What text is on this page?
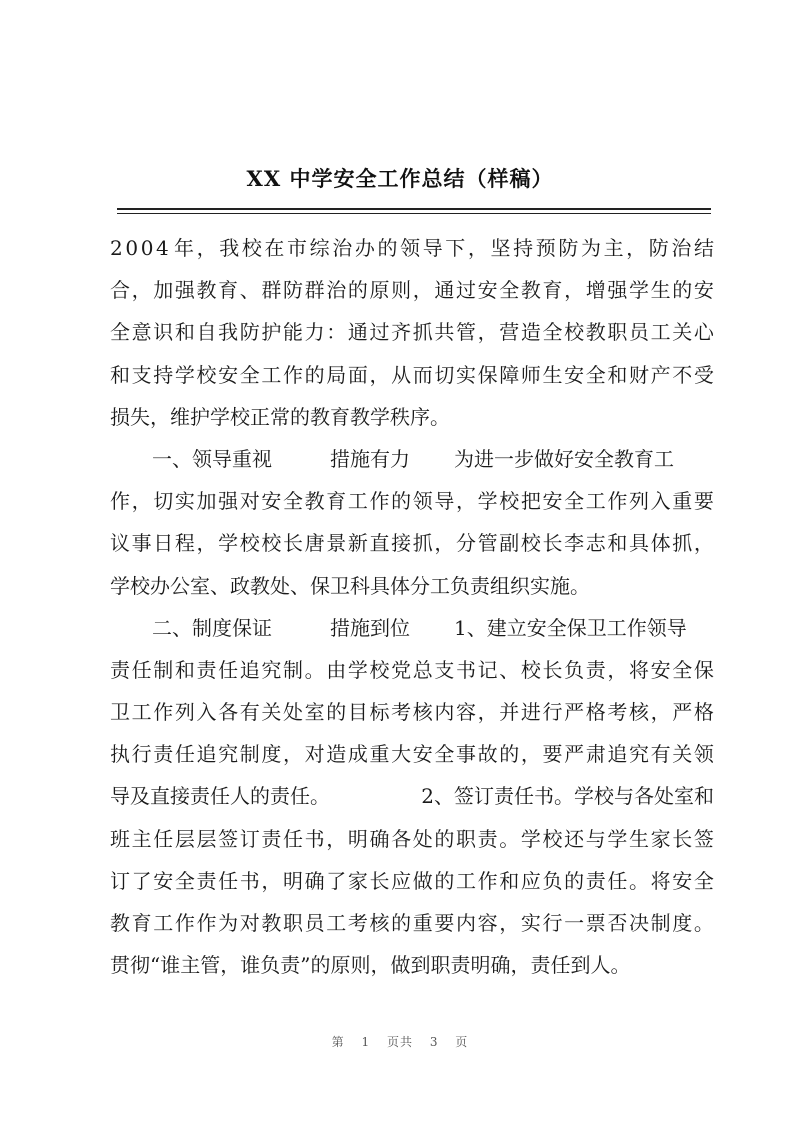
XX 中学安全工作总结（样稿）
2 0 0 4 年 ， 我 校 在 市 综 治 办 的 领 导 下 ， 坚 持 预 防 为 主 ， 防 治 结
合 ， 加 强 教 育 、 群 防 群 治 的 原 则 ， 通 过 安 全 教 育 ， 增 强 学 生 的 安
全 意 识 和 自 我 防 护 能 力 ： 通 过 齐 抓 共 管 ， 营 造 全 校 教 职 员 工 关 心
和 支 持 学 校 安 全 工 作 的 局 面 ， 从 而 切 实 保 障 师 生 安 全 和 财 产 不 受
损失，维护学校正常的教育教学秩序。
一、领导重视	措施有力 为进一步做好安全教育工
作 ， 切 实 加 强 对 安 全 教 育 工 作 的 领 导 ， 学 校 把 安 全 工 作 列 入 重 要
议 事 日 程 ， 学 校 校 长 唐 景 新 直 接 抓 ， 分 管 副 校 长 李 志 和 具 体 抓 ，
学校办公室、政教处、保卫科具体分工负责组织实施。
二、制度保证	措施到位 1、建立安全保卫工作领导
责 任 制 和 责 任 追 究 制 。 由 学 校 党 总 支 书 记 、 校 长 负 责 ， 将 安 全 保
卫 工 作 列 入 各 有 关 处 室 的 目 标 考 核 内 容 ， 并 进 行 严 格 考 核 ， 严 格
执 行 责 任 追 究 制 度 ， 对 造 成 重 大 安 全 事 故 的 ， 要 严 肃 追 究 有 关 领
导及直接责任人的责任。	2、签订责任书。学校与各处室和
班 主 任 层 层 签 订 责 任 书 ， 明 确 各 处 的 职 责 。 学 校 还 与 学 生 家 长 签
订 了 安 全 责 任 书 ， 明 确 了 家 长 应 做 的 工 作 和 应 负 的 责 任 。 将 安 全
教 育 工 作 作 为 对 教 职 员 工 考 核 的 重 要 内 容 ， 实 行 一 票 否 决 制 度 。
贯彻“谁主管，谁负责”的原则，做到职责明确，责任到人。
第 1 页共 3 页
